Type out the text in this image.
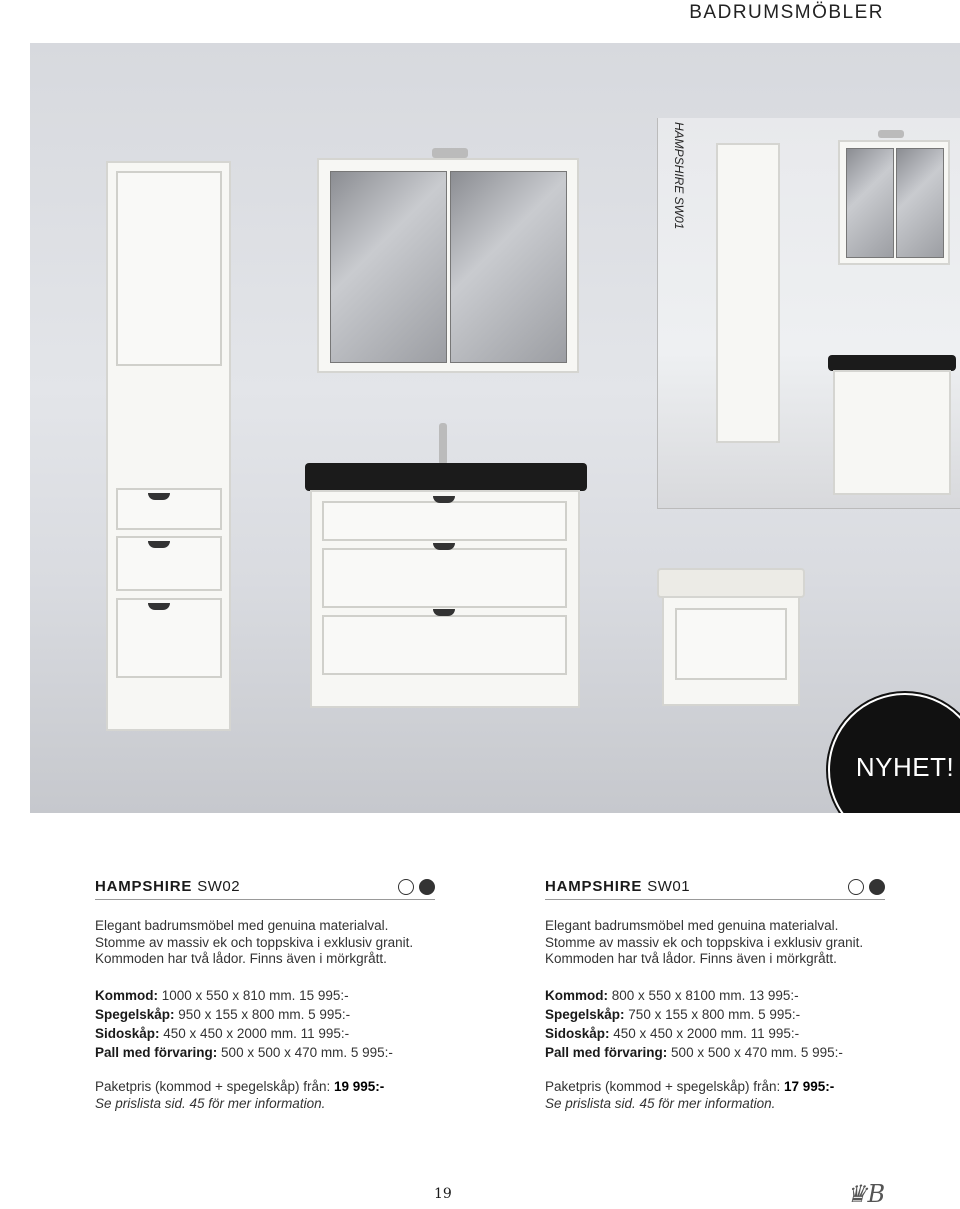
BADRUMSMÖBLER
HAMPSHIRE SW01
NYHET!
HAMPSHIRE SW02
Elegant badrumsmöbel med genuina materialval.
Stomme av massiv ek och toppskiva i exklusiv granit.
Kommoden har två lådor. Finns även i mörkgrått.
Kommod: 1000 x 550 x 810 mm. 15 995:-
Spegelskåp: 950 x 155 x 800 mm. 5 995:-
Sidoskåp: 450 x 450 x 2000 mm. 11 995:-
Pall med förvaring: 500 x 500 x 470 mm. 5 995:-
Paketpris (kommod + spegelskåp) från: 19 995:-
Se prislista sid. 45 för mer information.
HAMPSHIRE SW01
Elegant badrumsmöbel med genuina materialval.
Stomme av massiv ek och toppskiva i exklusiv granit.
Kommoden har två lådor. Finns även i mörkgrått.
Kommod: 800 x 550 x 8100 mm. 13 995:-
Spegelskåp: 750 x 155 x 800 mm. 5 995:-
Sidoskåp: 450 x 450 x 2000 mm. 11 995:-
Pall med förvaring: 500 x 500 x 470 mm. 5 995:-
Paketpris (kommod + spegelskåp) från: 17 995:-
Se prislista sid. 45 för mer information.
19	♛B
